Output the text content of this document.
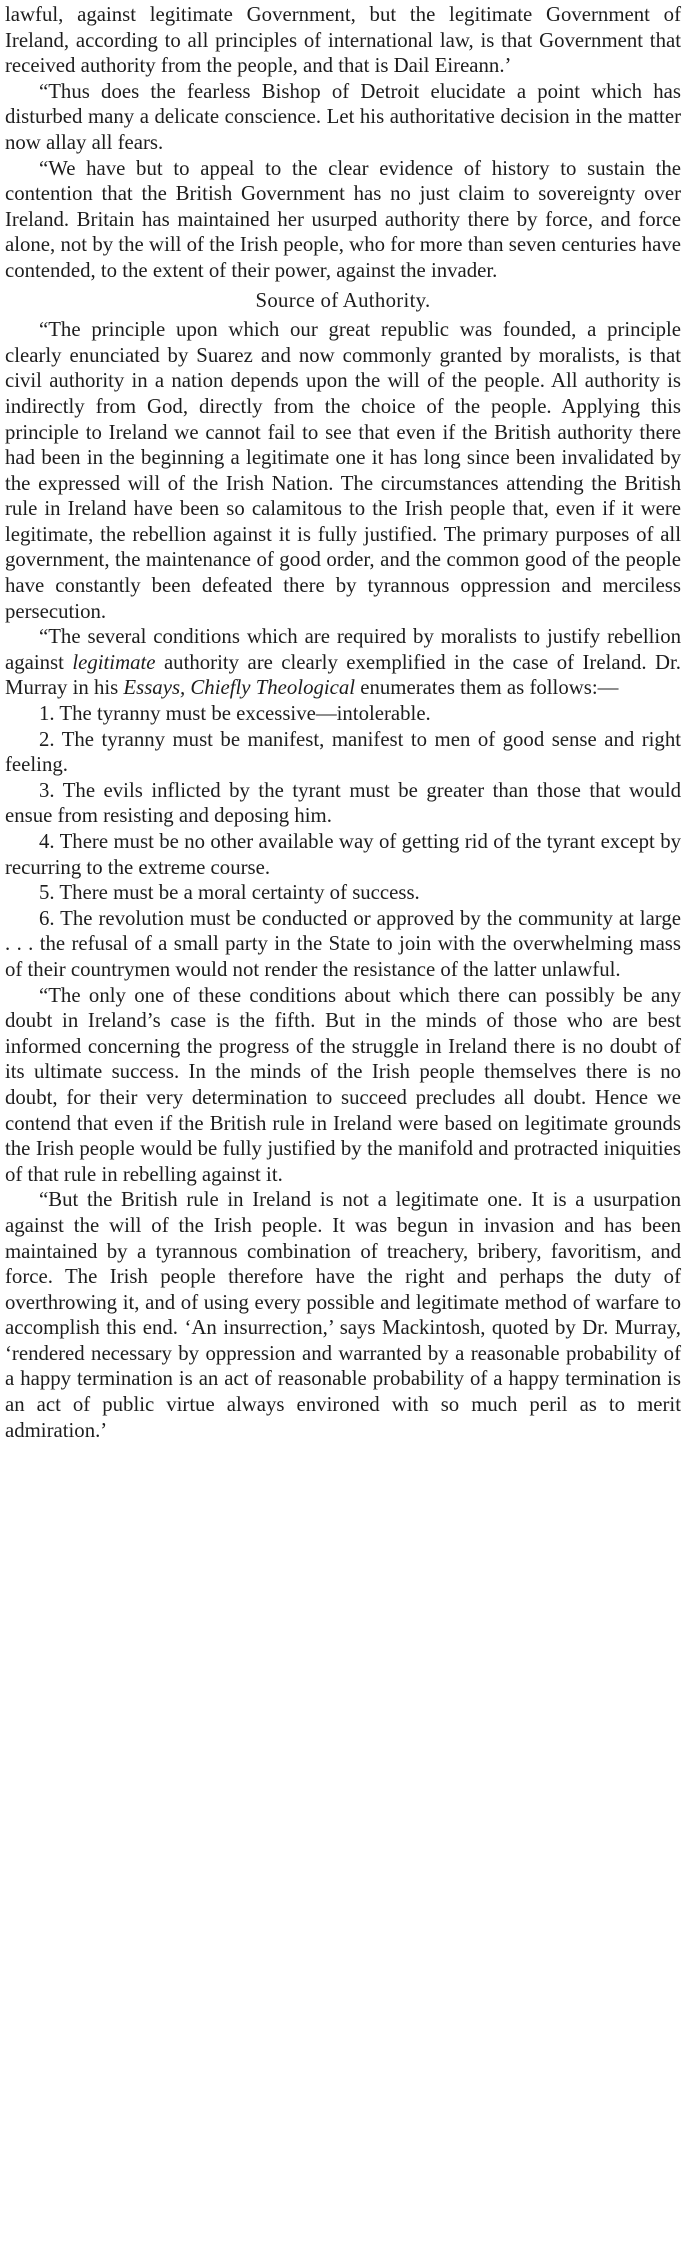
lawful, against legitimate Government, but the legitimate Government of Ireland, according to all principles of international law, is that Government that received authority from the people, and that is Dail Eireann.’

“Thus does the fearless Bishop of Detroit elucidate a point which has disturbed many a delicate conscience. Let his authoritative decision in the matter now allay all fears.

“We have but to appeal to the clear evidence of history to sustain the contention that the British Government has no just claim to sovereignty over Ireland. Britain has maintained her usurped authority there by force, and force alone, not by the will of the Irish people, who for more than seven centuries have contended, to the extent of their power, against the invader.

Source of Authority.

“The principle upon which our great republic was founded, a principle clearly enunciated by Suarez and now commonly granted by moralists, is that civil authority in a nation depends upon the will of the people. All authority is indirectly from God, directly from the choice of the people. Applying this principle to Ireland we cannot fail to see that even if the British authority there had been in the beginning a legitimate one it has long since been invalidated by the expressed will of the Irish Nation. The circumstances attending the British rule in Ireland have been so calamitous to the Irish people that, even if it were legitimate, the rebellion against it is fully justified. The primary purposes of all government, the maintenance of good order, and the common good of the people have constantly been defeated there by tyrannous oppression and merciless persecution.

“The several conditions which are required by moralists to justify rebellion against legitimate authority are clearly exemplified in the case of Ireland. Dr. Murray in his Essays, Chiefly Theological enumerates them as follows:—

1. The tyranny must be excessive—intolerable.

2. The tyranny must be manifest, manifest to men of good sense and right feeling.

3. The evils inflicted by the tyrant must be greater than those that would ensue from resisting and deposing him.

4. There must be no other available way of getting rid of the tyrant except by recurring to the extreme course.

5. There must be a moral certainty of success.

6. The revolution must be conducted or approved by the community at large . . . the refusal of a small party in the State to join with the overwhelming mass of their countrymen would not render the resistance of the latter unlawful.

“The only one of these conditions about which there can possibly be any doubt in Ireland’s case is the fifth. But in the minds of those who are best informed concerning the progress of the struggle in Ireland there is no doubt of its ultimate success. In the minds of the Irish people themselves there is no doubt, for their very determination to succeed precludes all doubt. Hence we contend that even if the British rule in Ireland were based on legitimate grounds the Irish people would be fully justified by the manifold and protracted iniquities of that rule in rebelling against it.

“But the British rule in Ireland is not a legitimate one. It is a usurpation against the will of the Irish people. It was begun in invasion and has been maintained by a tyrannous combination of treachery, bribery, favoritism, and force. The Irish people therefore have the right and perhaps the duty of overthrowing it, and of using every possible and legitimate method of warfare to accomplish this end. ‘An insurrection,’ says Mackintosh, quoted by Dr. Murray, ‘rendered necessary by oppression and warranted by a reasonable probability of a happy termination is an act of reasonable probability of a happy termination is an act of public virtue always environed with so much peril as to merit admiration.’
